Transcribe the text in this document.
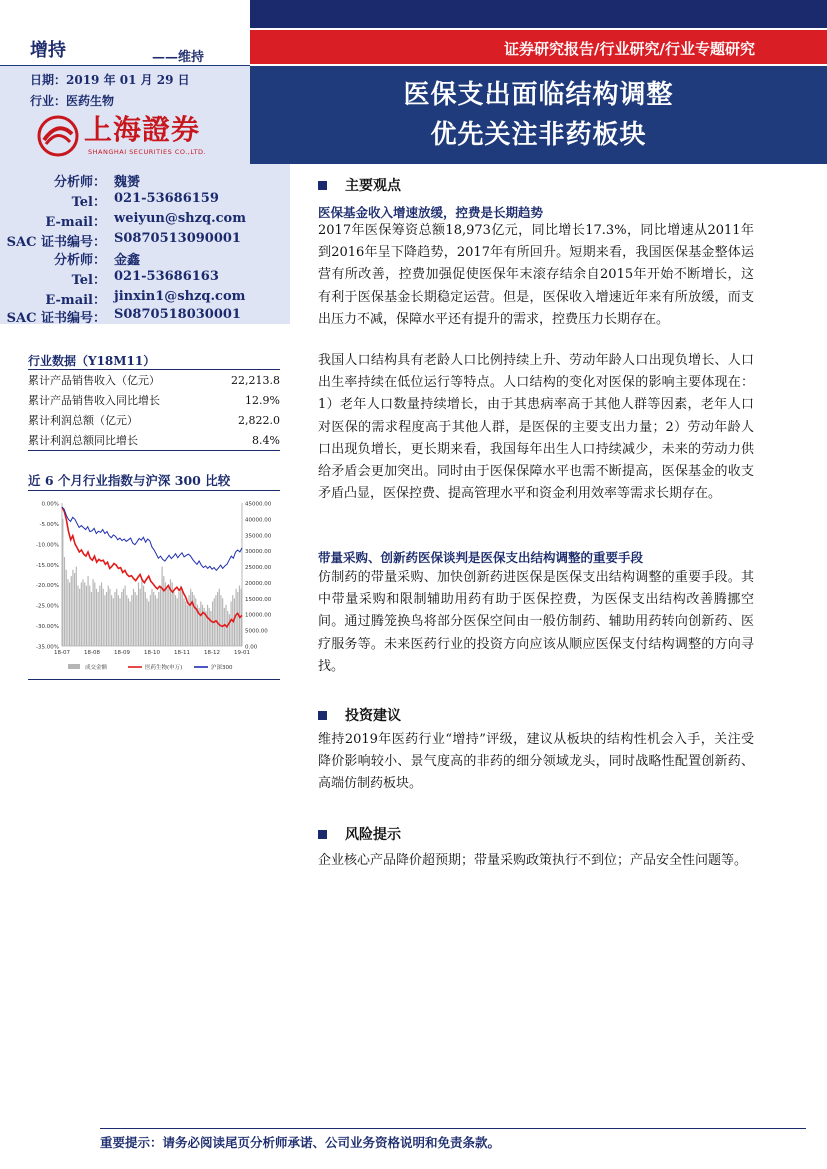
增持	——维持
日期：2019 年 01 月 29 日
行业：医药生物
上海證券
SHANGHAI SECURITIES CO.,LTD.
证券研究报告/行业研究/行业专题研究
医保支出面临结构调整
优先关注非药板块
分析师： 魏赟
Tel： 021-53686159
E-mail： weiyun@shzq.com
SAC 证书编号： S0870513090001
分析师： 金鑫
Tel： 021-53686163
E-mail： jinxin1@shzq.com
SAC 证书编号： S0870518030001
行业数据（Y18M11）
累计产品销售收入（亿元）	22,213.8
累计产品销售收入同比增长	12.9%
累计利润总额（亿元）	2,822.0
累计利润总额同比增长	8.4%
近 6 个月行业指数与沪深 300 比较
0.00%
-5.00%
-10.00%
-15.00%
-20.00%
-25.00%
-30.00%
-35.00%
45000.00
40000.00
35000.00
30000.00
25000.00
20000.00
15000.00
10000.00
5000.00
0.00
18-07	18-08	18-09	18-10	18-11	18-12	19-01
成交金额	医药生物(申万)	沪深300
主要观点
医保基金收入增速放缓，控费是长期趋势
2017年医保筹资总额18,973亿元，同比增长17.3%，同比增速从2011年到2016年呈下降趋势，2017年有所回升。短期来看，我国医保基金整体运营有所改善，控费加强促使医保年末滚存结余自2015年开始不断增长，这有利于医保基金长期稳定运营。但是，医保收入增速近年来有所放缓，而支出压力不减，保障水平还有提升的需求，控费压力长期存在。
我国人口结构具有老龄人口比例持续上升、劳动年龄人口出现负增长、人口出生率持续在低位运行等特点。人口结构的变化对医保的影响主要体现在：1）老年人口数量持续增长，由于其患病率高于其他人群等因素，老年人口对医保的需求程度高于其他人群，是医保的主要支出力量；2）劳动年龄人口出现负增长，更长期来看，我国每年出生人口持续减少，未来的劳动力供给矛盾会更加突出。同时由于医保保障水平也需不断提高，医保基金的收支矛盾凸显，医保控费、提高管理水平和资金利用效率等需求长期存在。
带量采购、创新药医保谈判是医保支出结构调整的重要手段
仿制药的带量采购、加快创新药进医保是医保支出结构调整的重要手段。其中带量采购和限制辅助用药有助于医保控费，为医保支出结构改善腾挪空间。通过腾笼换鸟将部分医保空间由一般仿制药、辅助用药转向创新药、医疗服务等。未来医药行业的投资方向应该从顺应医保支付结构调整的方向寻找。
投资建议
维持2019年医药行业“增持”评级，建议从板块的结构性机会入手，关注受降价影响较小、景气度高的非药的细分领域龙头，同时战略性配置创新药、高端仿制药板块。
风险提示
企业核心产品降价超预期；带量采购政策执行不到位；产品安全性问题等。
重要提示：请务必阅读尾页分析师承诺、公司业务资格说明和免责条款。
